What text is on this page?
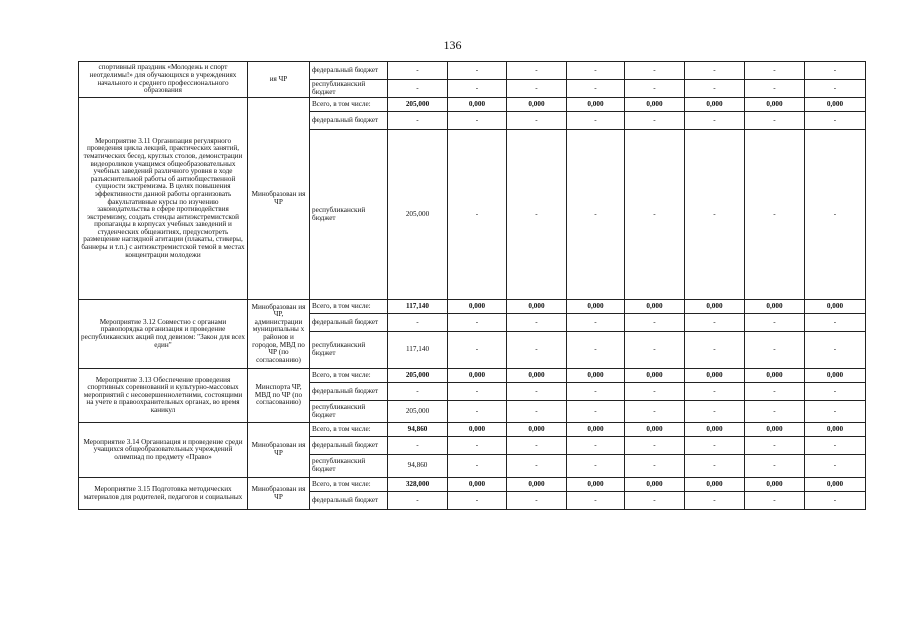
136
спортивный праздник «Молодежь и спорт неотделимы!» для обучающихся в учреждениях начального и среднего профессионального образования	ия ЧР	федеральный бюджет	-	-	-	-	-	-	-	-
		республиканский бюджет	-	-	-	-	-	-	-	-
Мероприятие 3.11 Организация регулярного проведения цикла лекций, практических занятий, тематических бесед, круглых столов, демонстрации видеороликов учащимся общеобразовательных учебных заведений различного уровня в ходе разъяснительной работы об антиобщественной сущности экстремизма. В целях повышения эффективности данной работы организовать факультативные курсы по изучению законодательства в сфере противодействия экстремизму, создать стенды антиэкстремистской пропаганды в корпусах учебных заведений и студенческих общежитиях, предусмотреть размещение наглядной агитации (плакаты, стикеры, баннеры и т.п.) с антиэкстремистской темой в местах концентрации молодежи	Минобразован ия ЧР	Всего, в том числе:	205,000	0,000	0,000	0,000	0,000	0,000	0,000	0,000
		федеральный бюджет	-	-	-	-	-	-	-	-
		республиканский бюджет	205,000	-	-	-	-	-	-	-
Мероприятие 3.12 Совместно с органами правопорядка организация и проведение республиканских акций под девизом: "Закон для всех един"	Минобразован ия ЧР, администрации муниципальны х районов и городов, МВД по ЧР (по согласованию)	Всего, в том числе:	117,140	0,000	0,000	0,000	0,000	0,000	0,000	0,000
		федеральный бюджет	-	-	-	-	-	-	-	-
		республиканский бюджет	117,140	-	-	-	-	-	-	-
Мероприятие 3.13 Обеспечение проведения спортивных соревнований и культурно-массовых мероприятий с несовершеннолетними, состоящими на учете в правоохранительных органах, во время каникул	Минспорта ЧР, МВД по ЧР (по согласованию)	Всего, в том числе:	205,000	0,000	0,000	0,000	0,000	0,000	0,000	0,000
		федеральный бюджет	-	-	-	-	-	-	-	-
		республиканский бюджет	205,000	-	-	-	-	-	-	-
Мероприятие 3.14 Организация и проведение среди учащихся общеобразовательных учреждений олимпиад по предмету «Право»	Минобразован ия ЧР	Всего, в том числе:	94,860	0,000	0,000	0,000	0,000	0,000	0,000	0,000
		федеральный бюджет	-	-	-	-	-	-	-	-
		республиканский бюджет	94,860	-	-	-	-	-	-	-
Мероприятие 3.15 Подготовка методических материалов для родителей, педагогов и социальных	Минобразован ия ЧР	Всего, в том числе:	328,000	0,000	0,000	0,000	0,000	0,000	0,000	0,000
		федеральный бюджет	-	-	-	-	-	-	-	-
